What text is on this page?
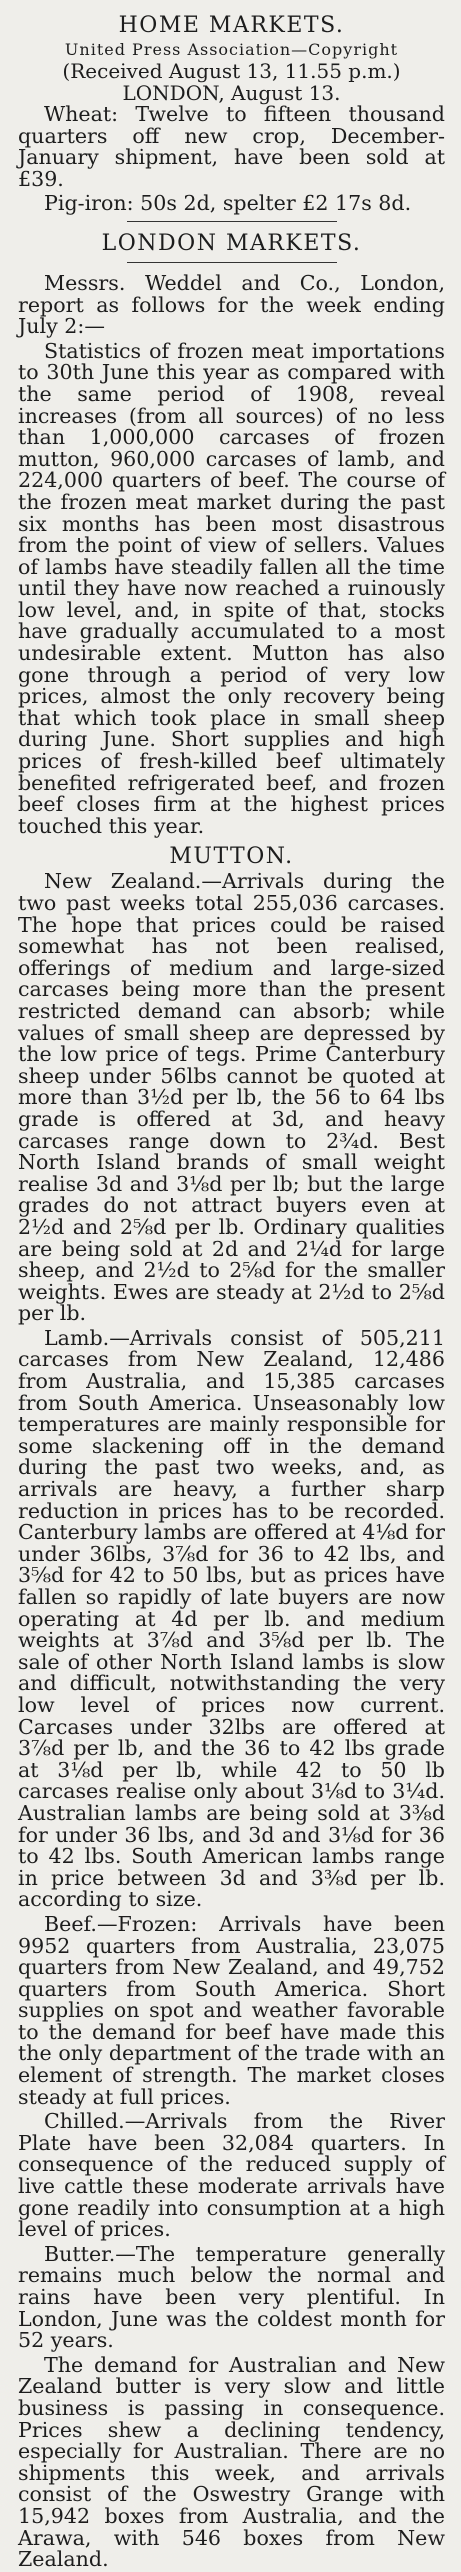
HOME MARKETS.

United Press Association—Copyright

(Received August 13, 11.55 p.m.)

LONDON, August 13.

Wheat: Twelve to fifteen thousand quarters off new crop, December-January shipment, have been sold at £39.

Pig-iron: 50s 2d, spelter £2 17s 8d.

LONDON MARKETS.

Messrs. Weddel and Co., London, report as follows for the week ending July 2:—

Statistics of frozen meat importations to 30th June this year as compared with the same period of 1908, reveal increases (from all sources) of no less than 1,000,000 carcases of frozen mutton, 960,000 carcases of lamb, and 224,000 quarters of beef. The course of the frozen meat market during the past six months has been most disastrous from the point of view of sellers. Values of lambs have steadily fallen all the time until they have now reached a ruinously low level, and, in spite of that, stocks have gradually accumulated to a most undesirable extent. Mutton has also gone through a period of very low prices, almost the only recovery being that which took place in small sheep during June. Short supplies and high prices of fresh-killed beef ultimately benefited refrigerated beef, and frozen beef closes firm at the highest prices touched this year.

MUTTON.

New Zealand.—Arrivals during the two past weeks total 255,036 carcases. The hope that prices could be raised somewhat has not been realised, offerings of medium and large-sized carcases being more than the present restricted demand can absorb; while values of small sheep are depressed by the low price of tegs. Prime Canterbury sheep under 56lbs cannot be quoted at more than 3½d per lb, the 56 to 64 lbs grade is offered at 3d, and heavy carcases range down to 2¾d. Best North Island brands of small weight realise 3d and 3⅛d per lb; but the large grades do not attract buyers even at 2½d and 2⅝d per lb. Ordinary qualities are being sold at 2d and 2¼d for large sheep, and 2½d to 2⅝d for the smaller weights. Ewes are steady at 2½d to 2⅝d per lb.

Lamb.—Arrivals consist of 505,211 carcases from New Zealand, 12,486 from Australia, and 15,385 carcases from South America. Unseasonably low temperatures are mainly responsible for some slackening off in the demand during the past two weeks, and, as arrivals are heavy, a further sharp reduction in prices has to be recorded. Canterbury lambs are offered at 4⅛d for under 36lbs, 3⅞d for 36 to 42 lbs, and 3⅝d for 42 to 50 lbs, but as prices have fallen so rapidly of late buyers are now operating at 4d per lb. and medium weights at 3⅞d and 3⅝d per lb. The sale of other North Island lambs is slow and difficult, notwithstanding the very low level of prices now current. Carcases under 32lbs are offered at 3⅞d per lb, and the 36 to 42 lbs grade at 3⅛d per lb, while 42 to 50 lb carcases realise only about 3⅛d to 3¼d. Australian lambs are being sold at 3⅜d for under 36 lbs, and 3d and 3⅛d for 36 to 42 lbs. South American lambs range in price between 3d and 3⅜d per lb. according to size.

Beef.—Frozen: Arrivals have been 9952 quarters from Australia, 23,075 quarters from New Zealand, and 49,752 quarters from South America. Short supplies on spot and weather favorable to the demand for beef have made this the only department of the trade with an element of strength. The market closes steady at full prices.

Chilled.—Arrivals from the River Plate have been 32,084 quarters. In consequence of the reduced supply of live cattle these moderate arrivals have gone readily into consumption at a high level of prices.

Butter.—The temperature generally remains much below the normal and rains have been very plentiful. In London, June was the coldest month for 52 years.

The demand for Australian and New Zealand butter is very slow and little business is passing in consequence. Prices shew a declining tendency, especially for Australian. There are no shipments this week, and arrivals consist of the Oswestry Grange with 15,942 boxes from Australia, and the Arawa, with 546 boxes from New Zealand.
